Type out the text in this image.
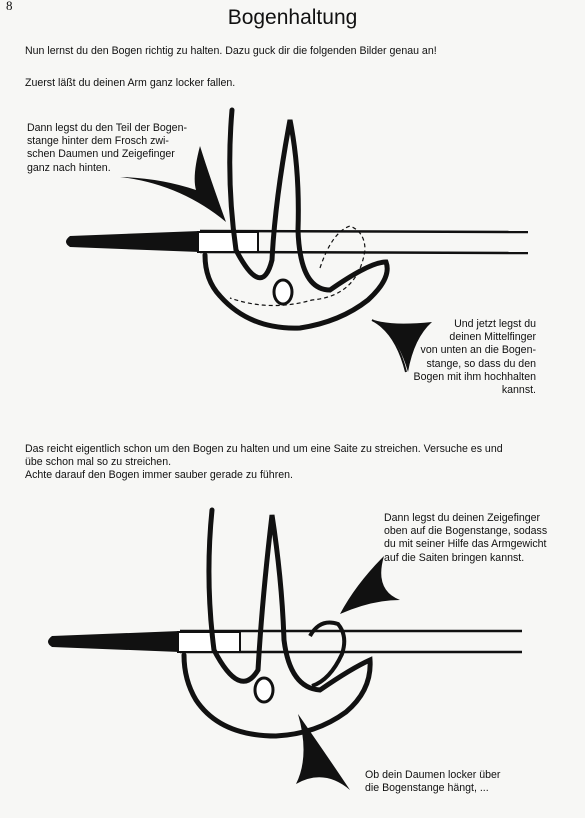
8
Bogenhaltung
Nun lernst du den Bogen richtig zu halten. Dazu guck dir die folgenden Bilder genau an!
Zuerst läßt du deinen Arm ganz locker fallen.
Dann legst du den Teil der Bogen-
stange hinter dem Frosch zwi-
schen Daumen und Zeigefinger
ganz nach hinten.
Und jetzt legst du
deinen Mittelfinger
von unten an die Bogen-
stange, so dass du den
Bogen mit ihm hochhalten
kannst.
Das reicht eigentlich schon um den Bogen zu halten und um eine Saite zu streichen. Versuche es und
übe schon mal so zu streichen.
Achte darauf den Bogen immer sauber gerade zu führen.
Dann legst du deinen Zeigefinger
oben auf die Bogenstange, sodass
du mit seiner Hilfe das Armgewicht
auf die Saiten bringen kannst.
Ob dein Daumen locker über
die Bogenstange hängt, ...
